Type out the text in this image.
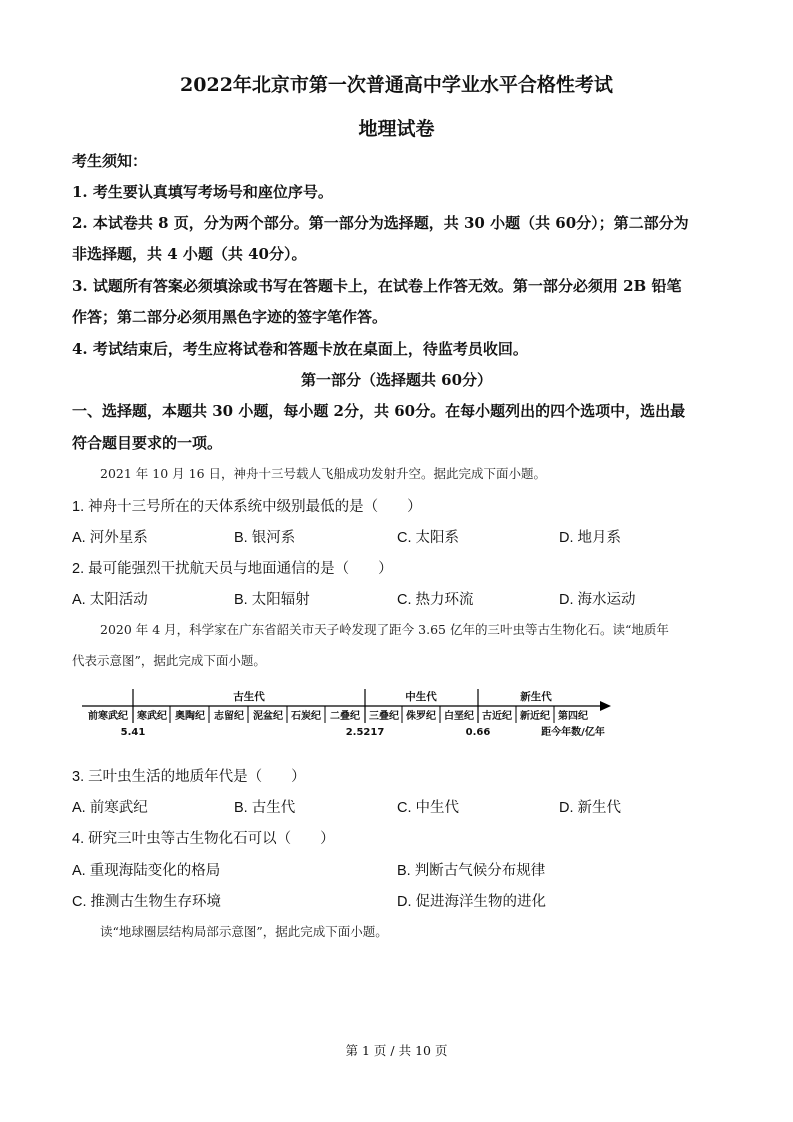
2022年北京市第一次普通高中学业水平合格性考试
地理试卷
考生须知：
1. 考生要认真填写考场号和座位序号。
2. 本试卷共 8 页，分为两个部分。第一部分为选择题，共 30 小题（共 60分）；第二部分为
非选择题，共 4 小题（共 40分）。
3. 试题所有答案必须填涂或书写在答题卡上，在试卷上作答无效。第一部分必须用 2B 铅笔
作答；第二部分必须用黑色字迹的签字笔作答。
4. 考试结束后，考生应将试卷和答题卡放在桌面上，待监考员收回。
第一部分（选择题共 60分）
一、选择题，本题共 30 小题，每小题 2分，共 60分。在每小题列出的四个选项中，选出最
符合题目要求的一项。
2021 年 10 月 16 日，神舟十三号载人飞船成功发射升空。据此完成下面小题。
1. 神舟十三号所在的天体系统中级别最低的是（　　）
A. 河外星系	B. 银河系	C. 太阳系	D. 地月系
2. 最可能强烈干扰航天员与地面通信的是（　　）
A. 太阳活动	B. 太阳辐射	C. 热力环流	D. 海水运动
2020 年 4 月，科学家在广东省韶关市天子岭发现了距今 3.65 亿年的三叶虫等古生物化石。读“地质年
代表示意图”，据此完成下面小题。
古生代	中生代	新生代
前寒武纪 寒武纪 奥陶纪 志留纪 泥盆纪 石炭纪 二叠纪 三叠纪 侏罗纪 白垩纪 古近纪 新近纪 第四纪
5.41	2.5217	0.66	距今年数/亿年
3. 三叶虫生活的地质年代是（　　）
A. 前寒武纪	B. 古生代	C. 中生代	D. 新生代
4. 研究三叶虫等古生物化石可以（　　）
A. 重现海陆变化的格局	B. 判断古气候分布规律
C. 推测古生物生存环境	D. 促进海洋生物的进化
读“地球圈层结构局部示意图”，据此完成下面小题。
第 1 页 / 共 10 页
